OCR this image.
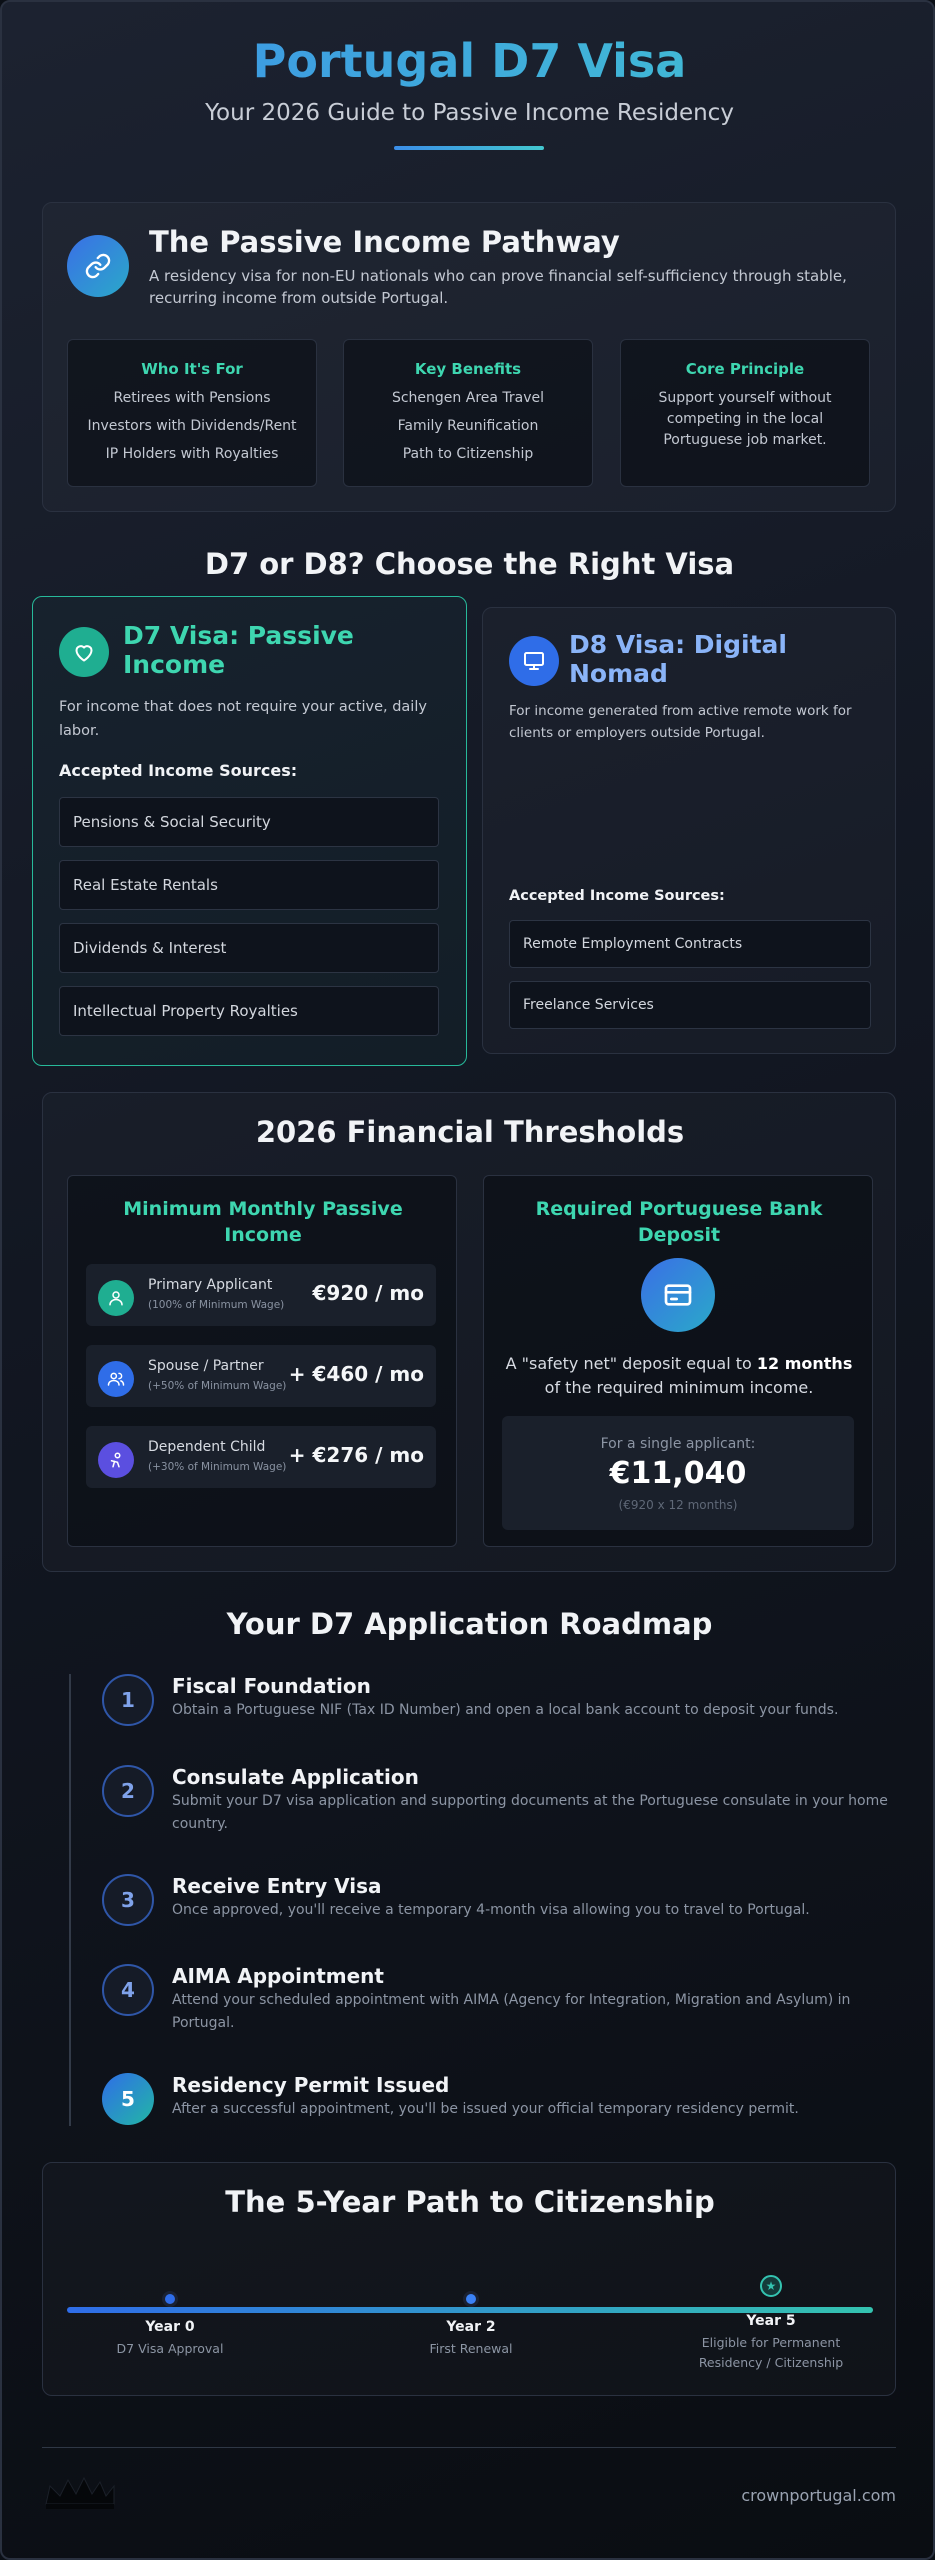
Portugal D7 Visa
Your 2026 Guide to Passive Income Residency
The Passive Income Pathway
A residency visa for non-EU nationals who can prove financial self-sufficiency through stable, recurring income from outside Portugal.
Who It's For
Retirees with Pensions
Investors with Dividends/Rent
IP Holders with Royalties
Key Benefits
Schengen Area Travel
Family Reunification
Path to Citizenship
Core Principle
Support yourself without
competing in the local
Portuguese job market.
D7 or D8? Choose the Right Visa
D7 Visa: Passive
Income
For income that does not require your active, daily
labor.
Accepted Income Sources:
Pensions & Social Security
Real Estate Rentals
Dividends & Interest
Intellectual Property Royalties
D8 Visa: Digital
Nomad
For income generated from active remote work for
clients or employers outside Portugal.
Accepted Income Sources:
Remote Employment Contracts
Freelance Services
2026 Financial Thresholds
Minimum Monthly Passive
Income
Primary Applicant
(100% of Minimum Wage) €920 / mo
Spouse / Partner
(+50% of Minimum Wage) + €460 / mo
Dependent Child
(+30% of Minimum Wage) + €276 / mo
Required Portuguese Bank
Deposit
A "safety net" deposit equal to 12 months
of the required minimum income.
For a single applicant:
€11,040
(€920 x 12 months)
Your D7 Application Roadmap
1
Fiscal Foundation
Obtain a Portuguese NIF (Tax ID Number) and open a local bank account to deposit your funds.
2
Consulate Application
Submit your D7 visa application and supporting documents at the Portuguese consulate in your home country.
3
Receive Entry Visa
Once approved, you'll receive a temporary 4-month visa allowing you to travel to Portugal.
4
AIMA Appointment
Attend your scheduled appointment with AIMA (Agency for Integration, Migration and Asylum) in Portugal.
5
Residency Permit Issued
After a successful appointment, you'll be issued your official temporary residency permit.
The 5-Year Path to Citizenship
Year 0
D7 Visa Approval
Year 2
First Renewal
★
Year 5
Eligible for Permanent
Residency / Citizenship
crownportugal.com
